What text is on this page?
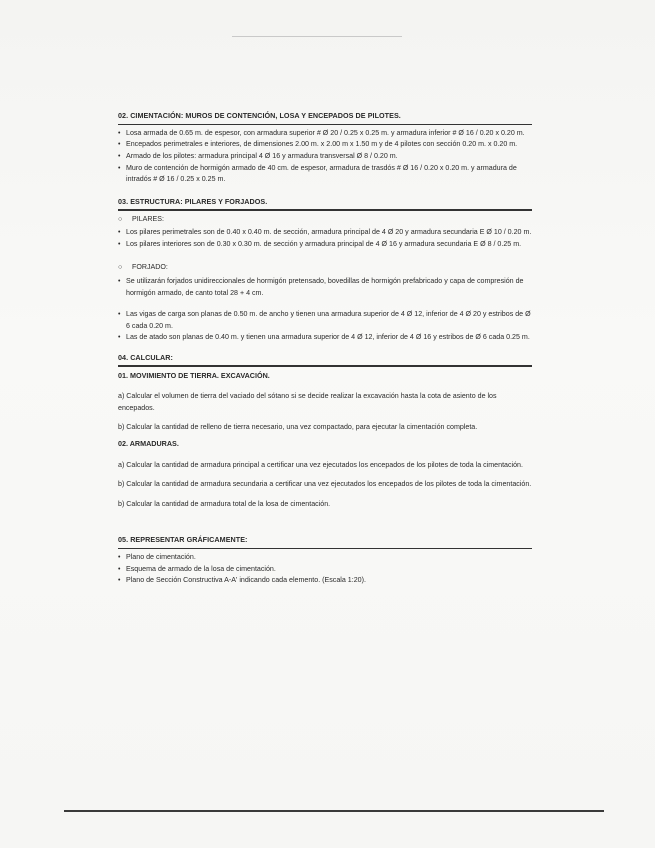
02. CIMENTACIÓN: MUROS DE CONTENCIÓN, LOSA Y ENCEPADOS DE PILOTES.

• Losa armada de 0.65 m. de espesor, con armadura superior # Ø 20 / 0.25 x 0.25 m. y armadura inferior # Ø 16 / 0.20 x 0.20 m.
• Encepados perimetrales e interiores, de dimensiones 2.00 m. x 2.00 m x 1.50 m y de 4 pilotes con sección 0.20 m. x 0.20 m.
• Armado de los pilotes: armadura principal 4 Ø 16 y armadura transversal Ø 8 / 0.20 m.
• Muro de contención de hormigón armado de 40 cm. de espesor, armadura de trasdós # Ø 16 / 0.20 x 0.20 m. y armadura de intradós # Ø 16 / 0.25 x 0.25 m.

03. ESTRUCTURA: PILARES Y FORJADOS.

○ PILARES:
• Los pilares perimetrales son de 0.40 x 0.40 m. de sección, armadura principal de 4 Ø 20 y armadura secundaria E Ø 10 / 0.20 m.
• Los pilares interiores son de 0.30 x 0.30 m. de sección y armadura principal de 4 Ø 16 y armadura secundaria E Ø 8 / 0.25 m.
○ FORJADO:
• Se utilizarán forjados unidireccionales de hormigón pretensado, bovedillas de hormigón prefabricado y capa de compresión de hormigón armado, de canto total 28 + 4 cm.
• Las vigas de carga son planas de 0.50 m. de ancho y tienen una armadura superior de 4 Ø 12, inferior de 4 Ø 20 y estribos de Ø 6 cada 0.20 m.
• Las de atado son planas de 0.40 m. y tienen una armadura superior de 4 Ø 12, inferior de 4 Ø 16 y estribos de Ø 6 cada 0.25 m.

04. CALCULAR:

01. MOVIMIENTO DE TIERRA. EXCAVACIÓN.

a) Calcular el volumen de tierra del vaciado del sótano si se decide realizar la excavación hasta la cota de asiento de los encepados.

b) Calcular la cantidad de relleno de tierra necesario, una vez compactado, para ejecutar la cimentación completa.

02. ARMADURAS.

a) Calcular la cantidad de armadura principal a certificar una vez ejecutados los encepados de los pilotes de toda la cimentación.

b) Calcular la cantidad de armadura secundaria a certificar una vez ejecutados los encepados de los pilotes de toda la cimentación.

b) Calcular la cantidad de armadura total de la losa de cimentación.

05. REPRESENTAR GRÁFICAMENTE:

• Plano de cimentación.
• Esquema de armado de la losa de cimentación.
• Plano de Sección Constructiva A-A' indicando cada elemento. (Escala 1:20).
